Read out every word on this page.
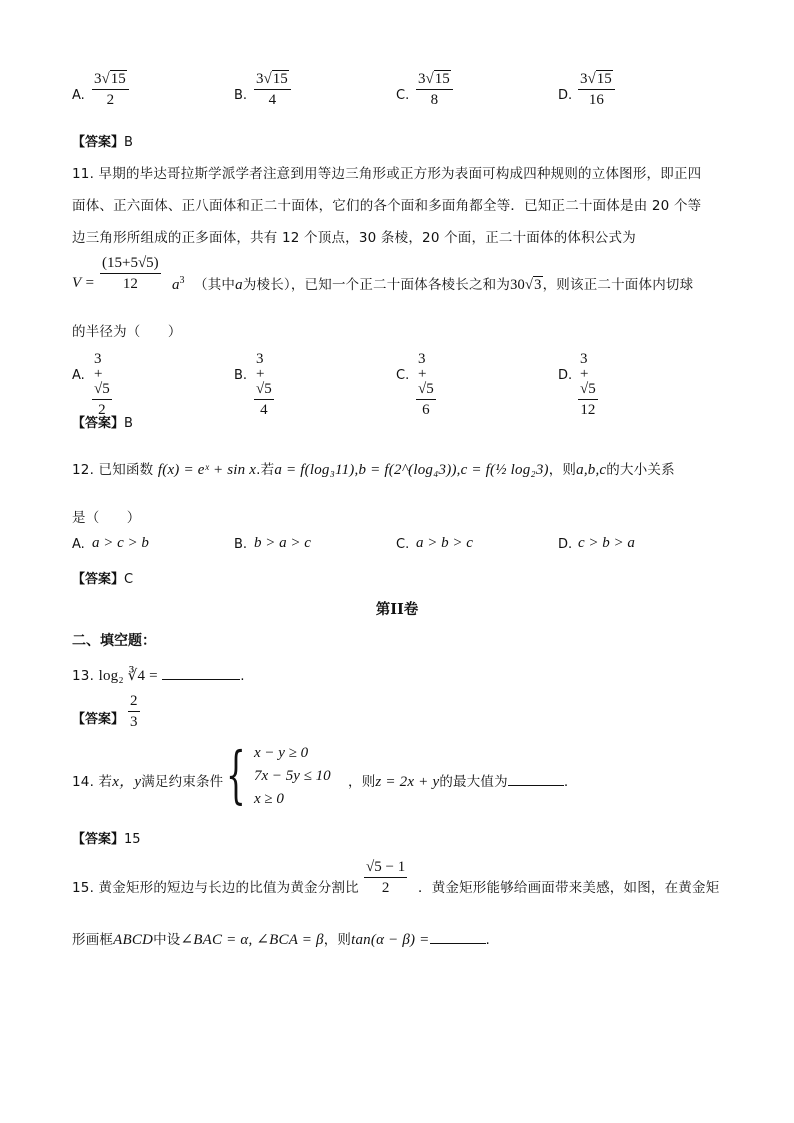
A. $\frac{3√15}{2}$	B. $\frac{3√15}{4}$	C. $\frac{3√15}{8}$	D. $\frac{3√15}{16}$
【答案】B
11. 早期的毕达哥拉斯学派学者注意到用等边三角形或正方形为表面可构成四种规则的立体图形，即正四
面体、正六面体、正八面体和正二十面体，它们的各个面和多面角都全等．已知正二十面体是由 20 个等
边三角形所组成的正多面体，共有 12 个顶点，30 条棱，20 个面，正二十面体的体积公式为
$V = \frac{(15+5√5)}{12} a^3$ （其中a为棱长），已知一个正二十面体各棱长之和为30√3，则该正二十面体内切球
的半径为（　　）
A. $\frac{3 + √5}{2}$	B. $\frac{3 + √5}{4}$	C. $\frac{3 + √5}{6}$	D. $\frac{3 + √5}{12}$
【答案】B
12. 已知函数 f(x) = eˣ + sin x.若a = f(log₃11),b = f(2^(log₄3)),c = f(½ log₂3)，则a,b,c的大小关系
是（　　）
A. a > c > b	B. b > a > c	C. a > b > c	D. c > b > a
【答案】C
第II卷
二、填空题：
13. log₂ ∛4 =	.
【答案】 $\frac{2}{3}$
14. 若x，y满足约束条件 { x − y ≥ 0
7x − 5y ≤ 10
x ≥ 0
，则z = 2x + y的最大值为	.
【答案】15
15. 黄金矩形的短边与长边的比值为黄金分割比 $\frac{√5 - 1}{2}$ ．黄金矩形能够给画面带来美感，如图，在黄金矩
形画框ABCD中设∠BAC = α, ∠BCA = β，则tan(α − β) =	.
